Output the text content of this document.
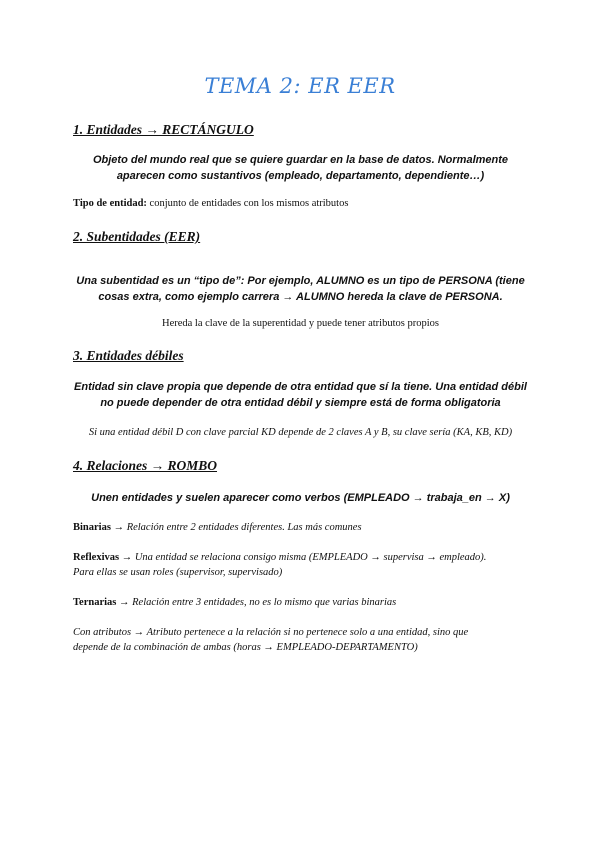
TEMA 2: ER EER
1. Entidades → RECTÁNGULO
Objeto del mundo real que se quiere guardar en la base de datos. Normalmente aparecen como sustantivos (empleado, departamento, dependiente…)
Tipo de entidad: conjunto de entidades con los mismos atributos
2. Subentidades (EER)
Una subentidad es un “tipo de”: Por ejemplo, ALUMNO es un tipo de PERSONA (tiene cosas extra, como ejemplo carrera → ALUMNO hereda la clave de PERSONA.
Hereda la clave de la superentidad y puede tener atributos propios
3. Entidades débiles
Entidad sin clave propia que depende de otra entidad que sí la tiene. Una entidad débil no puede depender de otra entidad débil y siempre está de forma obligatoria
Si una entidad débil D con clave parcial KD depende de 2 claves A y B, su clave sería (KA, KB, KD)
4. Relaciones → ROMBO
Unen entidades y suelen aparecer como verbos (EMPLEADO → trabaja_en → X)
Binarias → Relación entre 2 entidades diferentes. Las más comunes
Reflexivas → Una entidad se relaciona consigo misma (EMPLEADO → supervisa → empleado).
Para ellas se usan roles (supervisor, supervisado)
Ternarias → Relación entre 3 entidades, no es lo mismo que varias binarias
Con atributos → Atributo pertenece a la relación si no pertenece solo a una entidad, sino que
depende de la combinación de ambas (horas → EMPLEADO-DEPARTAMENTO)
